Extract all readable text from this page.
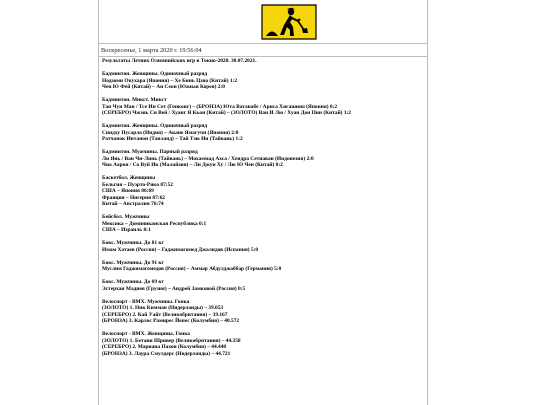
Воскресенье, 1 марта 2020 г. 19:56:04
Результаты Летних Олимпийских игр в Токио-2020. 30.07.2021.
Бадминтон. Женщины. Одиночный разряд
Нодзоми Окухара (Япония) – Хе Бинь Цзяо (Китай) 1:2
Чен Ю Фей (Китай) – Ан Сеон (Южная Корея) 2:0
Бадминтон. Микст. Микст
Тан Чун Ман / Тсе Ин Сет (Гонконг) – (БРОНЗА) Юта Ватанабе / Ариса Хигашино (Япония) 0:2
(СЕРЕБРО) Чжэнь Си Вей / Хуанг Я Кьон (Китай) – (ЗОЛОТО) Ван И Лю / Хуан Дон Пин (Китай) 1:2
Бадминтон. Женщины. Одиночный разряд
Синдху Пусарла (Индия) – Акане Ямагучи (Япония) 2:0
Ратчанок Интанон (Таиланд) – Тай Тзю Ин (Тайвань) 1:2
Бадминтон. Мужчины. Парный разряд
Ли Янь / Ван Чи-Линь (Тайвань) – Мохаммад Ахса / Хендра Сетиаван (Индонезия) 2:0
Чиа Аарон / Со Вуй Ик (Малайзия) – Ли Джун Ху / Лю Ю Чен (Китай) 0:2
Баскетбол. Женщины
Бельгия – Пуэрто-Рико 87:52
США – Япония 86:69
Франция – Нигерия 87:62
Китай – Австралия 76:74
Бейсбол. Мужчины
Мексика – Доминиканская Республика 0:1
США – Израиль 8:1
Бокс. Мужчины. До 81 кг
Имам Хатаев (Россия) – Гаджимагомед Джалидов (Испания) 5:0
Бокс. Мужчины. До 91 кг
Муслим Гаджимагомедов (Россия) – Аммар Абдулджаббар (Германия) 5:0
Бокс. Мужчины. До 69 кг
Эстерхан Мадиев (Грузия) – Андрей Замковой (Россия) 0:5
Велоспорт - BMX. Мужчины. Гонка
(ЗОЛОТО) 1. Ник Кимман (Нидерланды) – 39.053
(СЕРЕБРО) 2. Кай Уайт (Великобритания) – 39.167
(БРОНЗА) 3. Карлос Рамирес Йепес (Колумбия) – 40.572
Велоспорт - BMX. Женщины. Гонка
(ЗОЛОТО) 1. Бетани Шривер (Великобритания) – 44.358
(СЕРЕБРО) 2. Мариана Пахон (Колумбия) – 44.448
(БРОНЗА) 3. Лаура Смулдерс (Нидерланды) – 44.721
